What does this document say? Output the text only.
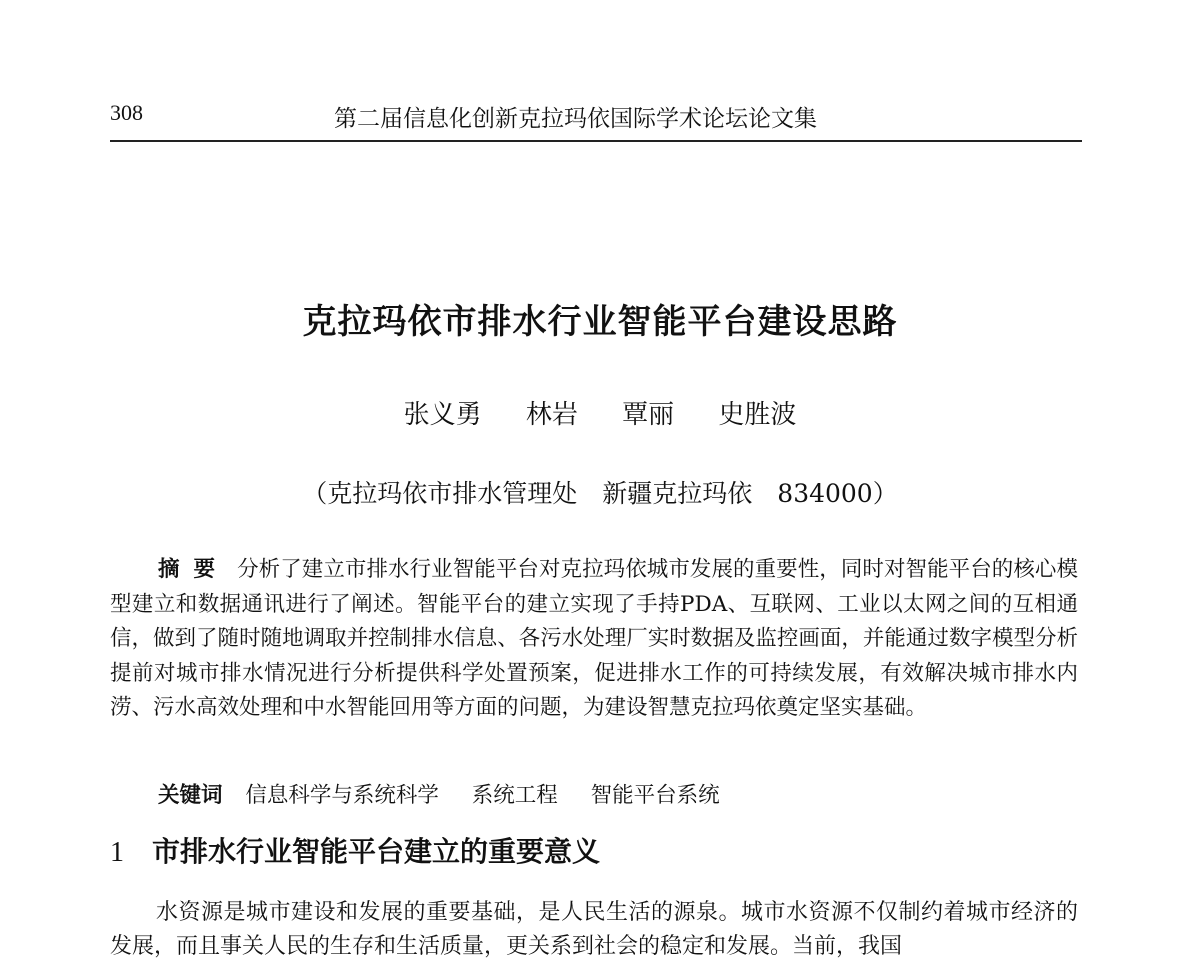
308	第二届信息化创新克拉玛依国际学术论坛论文集
克拉玛依市排水行业智能平台建设思路
张义勇 林岩 覃丽 史胜波
（克拉玛依市排水管理处　新疆克拉玛依　834000）

摘要 分析了建立市排水行业智能平台对克拉玛依城市发展的重要性，同时对智能平台的核心模型建立和数据通讯进行了阐述。智能平台的建立实现了手持PDA、互联网、工业以太网之间的互相通信，做到了随时随地调取并控制排水信息、各污水处理厂实时数据及监控画面，并能通过数字模型分析提前对城市排水情况进行分析提供科学处置预案，促进排水工作的可持续发展，有效解决城市排水内涝、污水高效处理和中水智能回用等方面的问题，为建设智慧克拉玛依奠定坚实基础。

关键词 信息科学与系统科学 系统工程 智能平台系统
1 市排水行业智能平台建立的重要意义

水资源是城市建设和发展的重要基础，是人民生活的源泉。城市水资源不仅制约着城市经济的发展，而且事关人民的生存和生活质量，更关系到社会的稳定和发展。当前，我国
